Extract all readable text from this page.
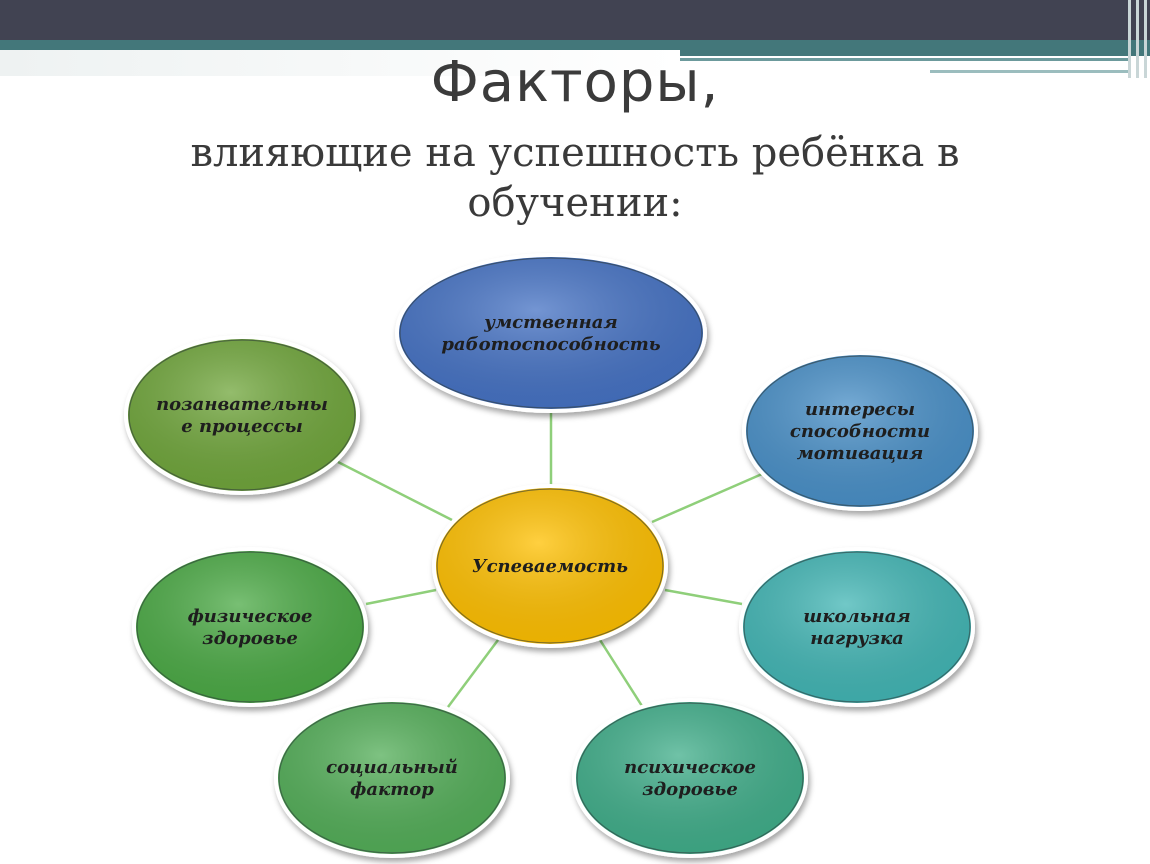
Факторы,
влияющие на успешность ребёнка в
обучении:
умственная
работоспособность
интересы
способности
мотивация
школьная
нагрузка
психическое
здоровье
социальный
фактор
физическое
здоровье
позанвательны
е процессы
Успеваемость
